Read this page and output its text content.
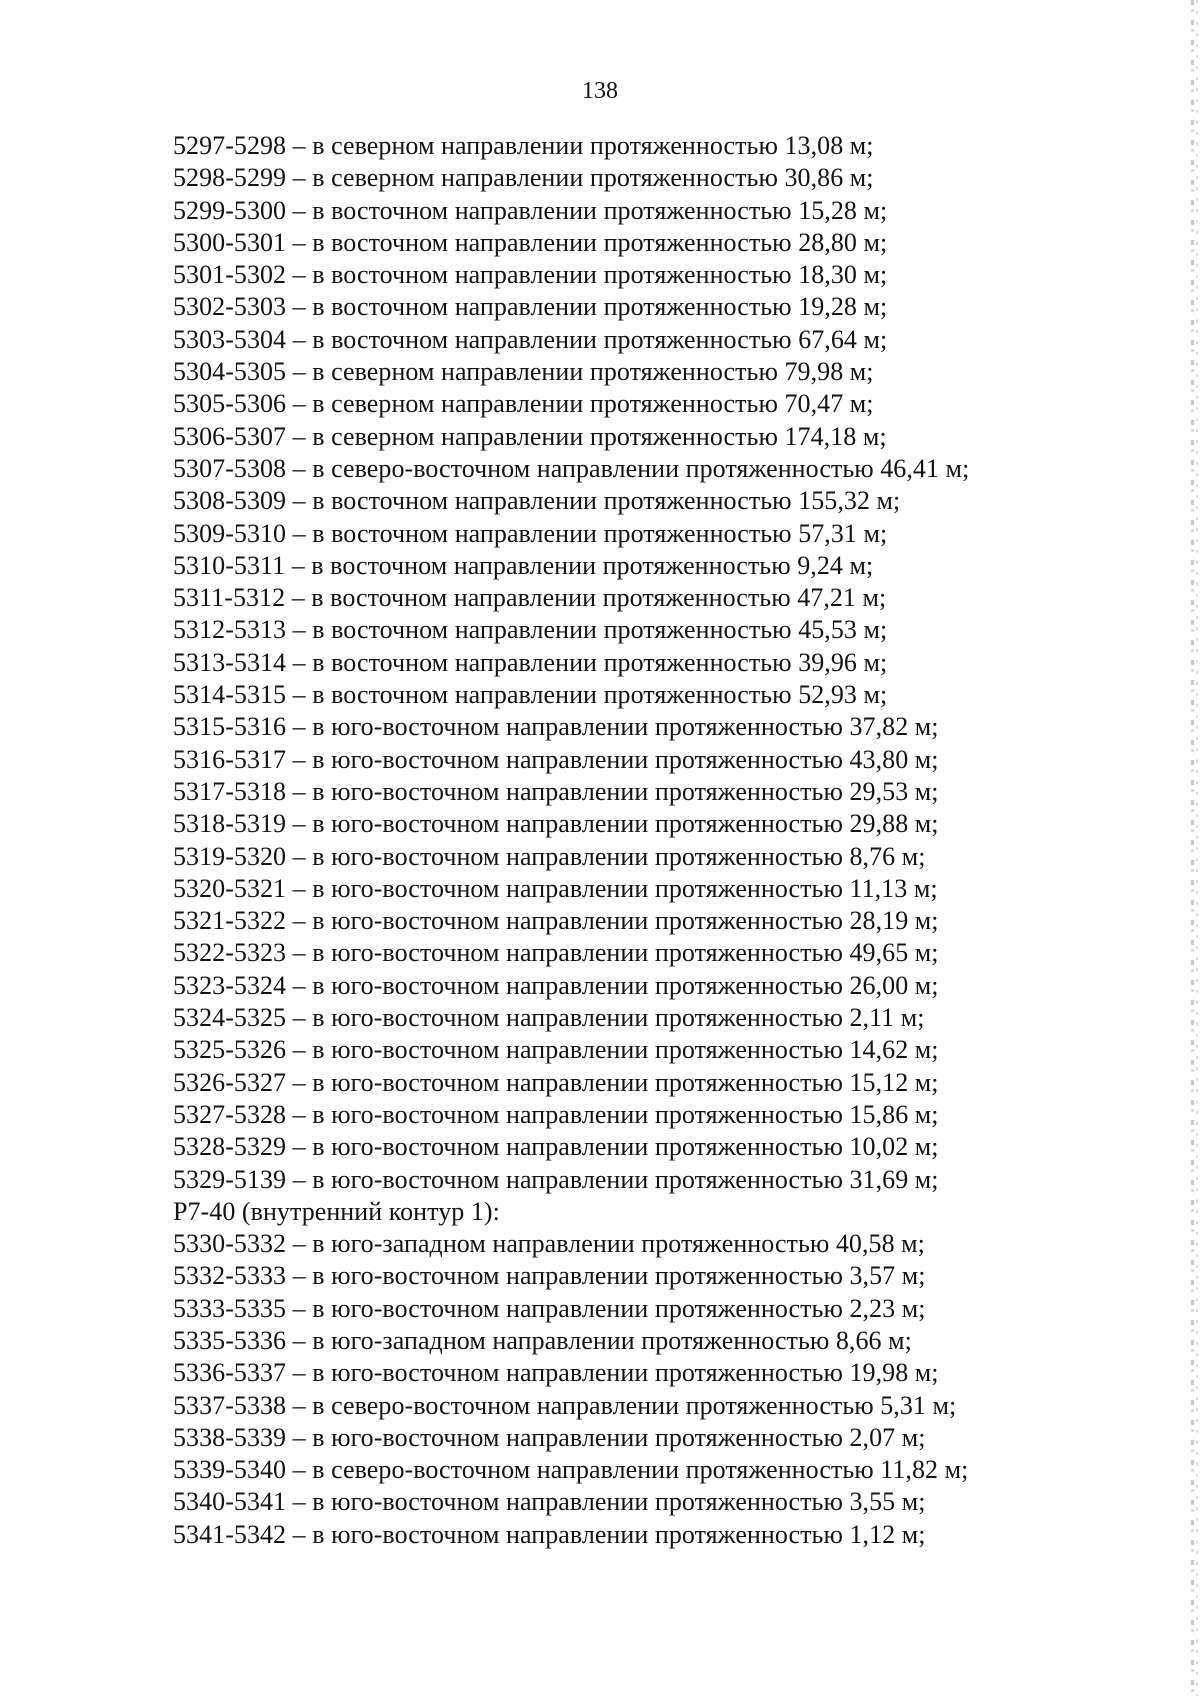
138
5297-5298 – в северном направлении протяженностью 13,08 м;
5298-5299 – в северном направлении протяженностью 30,86 м;
5299-5300 – в восточном направлении протяженностью 15,28 м;
5300-5301 – в восточном направлении протяженностью 28,80 м;
5301-5302 – в восточном направлении протяженностью 18,30 м;
5302-5303 – в восточном направлении протяженностью 19,28 м;
5303-5304 – в восточном направлении протяженностью 67,64 м;
5304-5305 – в северном направлении протяженностью 79,98 м;
5305-5306 – в северном направлении протяженностью 70,47 м;
5306-5307 – в северном направлении протяженностью 174,18 м;
5307-5308 – в северо-восточном направлении протяженностью 46,41 м;
5308-5309 – в восточном направлении протяженностью 155,32 м;
5309-5310 – в восточном направлении протяженностью 57,31 м;
5310-5311 – в восточном направлении протяженностью 9,24 м;
5311-5312 – в восточном направлении протяженностью 47,21 м;
5312-5313 – в восточном направлении протяженностью 45,53 м;
5313-5314 – в восточном направлении протяженностью 39,96 м;
5314-5315 – в восточном направлении протяженностью 52,93 м;
5315-5316 – в юго-восточном направлении протяженностью 37,82 м;
5316-5317 – в юго-восточном направлении протяженностью 43,80 м;
5317-5318 – в юго-восточном направлении протяженностью 29,53 м;
5318-5319 – в юго-восточном направлении протяженностью 29,88 м;
5319-5320 – в юго-восточном направлении протяженностью 8,76 м;
5320-5321 – в юго-восточном направлении протяженностью 11,13 м;
5321-5322 – в юго-восточном направлении протяженностью 28,19 м;
5322-5323 – в юго-восточном направлении протяженностью 49,65 м;
5323-5324 – в юго-восточном направлении протяженностью 26,00 м;
5324-5325 – в юго-восточном направлении протяженностью 2,11 м;
5325-5326 – в юго-восточном направлении протяженностью 14,62 м;
5326-5327 – в юго-восточном направлении протяженностью 15,12 м;
5327-5328 – в юго-восточном направлении протяженностью 15,86 м;
5328-5329 – в юго-восточном направлении протяженностью 10,02 м;
5329-5139 – в юго-восточном направлении протяженностью 31,69 м;
Р7-40 (внутренний контур 1):
5330-5332 – в юго-западном направлении протяженностью 40,58 м;
5332-5333 – в юго-восточном направлении протяженностью 3,57 м;
5333-5335 – в юго-восточном направлении протяженностью 2,23 м;
5335-5336 – в юго-западном направлении протяженностью 8,66 м;
5336-5337 – в юго-восточном направлении протяженностью 19,98 м;
5337-5338 – в северо-восточном направлении протяженностью 5,31 м;
5338-5339 – в юго-восточном направлении протяженностью 2,07 м;
5339-5340 – в северо-восточном направлении протяженностью 11,82 м;
5340-5341 – в юго-восточном направлении протяженностью 3,55 м;
5341-5342 – в юго-восточном направлении протяженностью 1,12 м;
